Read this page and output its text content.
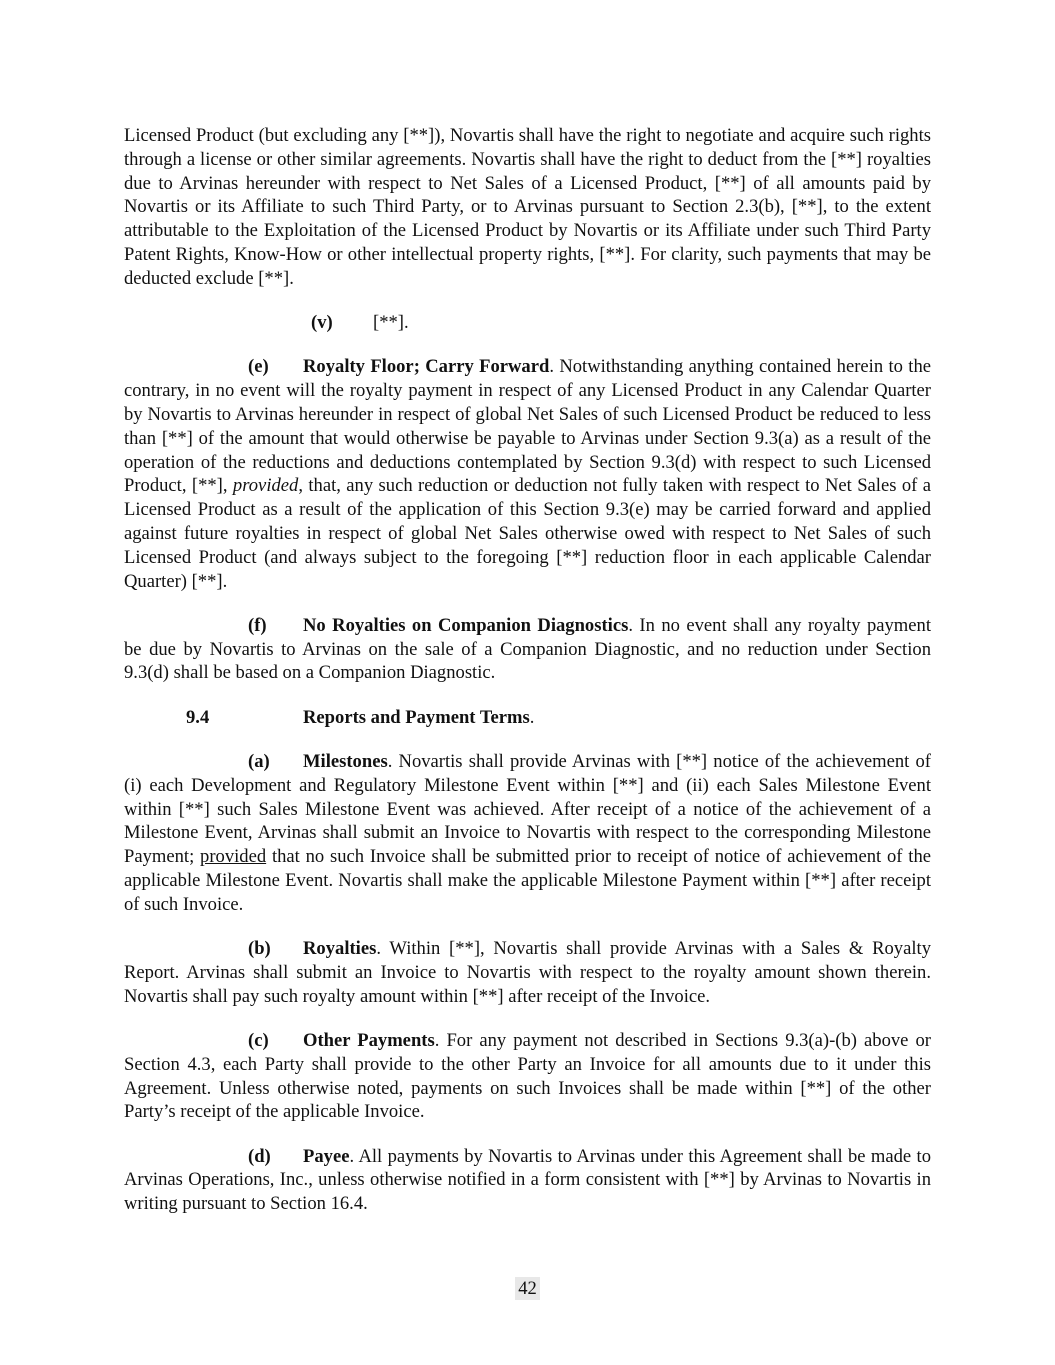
Licensed Product (but excluding any [**]), Novartis shall have the right to negotiate and acquire such rights through a license or other similar agreements. Novartis shall have the right to deduct from the [**] royalties due to Arvinas hereunder with respect to Net Sales of a Licensed Product, [**] of all amounts paid by Novartis or its Affiliate to such Third Party, or to Arvinas pursuant to Section 2.3(b), [**], to the extent attributable to the Exploitation of the Licensed Product by Novartis or its Affiliate under such Third Party Patent Rights, Know-How or other intellectual property rights, [**]. For clarity, such payments that may be deducted exclude [**].

(v) [**].

(e) Royalty Floor; Carry Forward. Notwithstanding anything contained herein to the contrary, in no event will the royalty payment in respect of any Licensed Product in any Calendar Quarter by Novartis to Arvinas hereunder in respect of global Net Sales of such Licensed Product be reduced to less than [**] of the amount that would otherwise be payable to Arvinas under Section 9.3(a) as a result of the operation of the reductions and deductions contemplated by Section 9.3(d) with respect to such Licensed Product, [**], provided, that, any such reduction or deduction not fully taken with respect to Net Sales of a Licensed Product as a result of the application of this Section 9.3(e) may be carried forward and applied against future royalties in respect of global Net Sales otherwise owed with respect to Net Sales of such Licensed Product (and always subject to the foregoing [**] reduction floor in each applicable Calendar Quarter) [**].

(f) No Royalties on Companion Diagnostics. In no event shall any royalty payment be due by Novartis to Arvinas on the sale of a Companion Diagnostic, and no reduction under Section 9.3(d) shall be based on a Companion Diagnostic.

9.4	Reports and Payment Terms.

(a) Milestones. Novartis shall provide Arvinas with [**] notice of the achievement of (i) each Development and Regulatory Milestone Event within [**] and (ii) each Sales Milestone Event within [**] such Sales Milestone Event was achieved. After receipt of a notice of the achievement of a Milestone Event, Arvinas shall submit an Invoice to Novartis with respect to the corresponding Milestone Payment; provided that no such Invoice shall be submitted prior to receipt of notice of achievement of the applicable Milestone Event. Novartis shall make the applicable Milestone Payment within [**] after receipt of such Invoice.

(b) Royalties. Within [**], Novartis shall provide Arvinas with a Sales & Royalty Report. Arvinas shall submit an Invoice to Novartis with respect to the royalty amount shown therein. Novartis shall pay such royalty amount within [**] after receipt of the Invoice.

(c) Other Payments. For any payment not described in Sections 9.3(a)-(b) above or Section 4.3, each Party shall provide to the other Party an Invoice for all amounts due to it under this Agreement. Unless otherwise noted, payments on such Invoices shall be made within [**] of the other Party’s receipt of the applicable Invoice.

(d) Payee. All payments by Novartis to Arvinas under this Agreement shall be made to Arvinas Operations, Inc., unless otherwise notified in a form consistent with [**] by Arvinas to Novartis in writing pursuant to Section 16.4.

42
